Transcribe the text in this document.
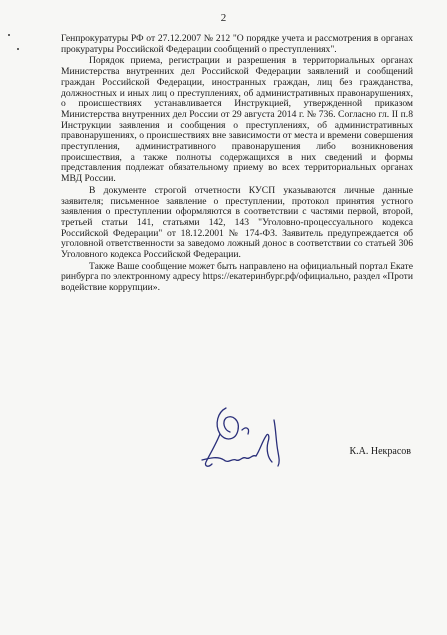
2

Генпрокуратуры РФ от 27.12.2007 № 212 "О порядке учета и рассмотрения в органах прокуратуры Российской Федерации сообщений о преступлениях".

Порядок приема, регистрации и разрешения в территориальных органах Министерства внутренних дел Российской Федерации заявлений и сообщений граждан Российской Федерации, иностранных граждан, лиц без гражданства, должностных и иных лиц о преступлениях, об административных правонарушениях, о происшествиях устанавливается Инструкцией, утвержденной приказом Министерства внутренних дел России от 29 августа 2014 г. № 736. Согласно гл. II п.8 Инструкции заявления и сообщения о преступлениях, об административных правонарушениях, о происшествиях вне зависимости от места и времени совершения преступления, административного правонарушения либо возникновения происшествия, а также полноты содержащихся в них сведений и формы представления подлежат обязательному приему во всех территориальных органах МВД России.

В документе строгой отчетности КУСП указываются личные данные заявителя; письменное заявление о преступлении, протокол принятия устного заявления о преступлении оформляются в соответствии с частями первой, второй, третьей статьи 141, статьями 142, 143 "Уголовно-процессуального кодекса Российской Федерации" от 18.12.2001 № 174-ФЗ. Заявитель предупреждается об уголовной ответственности за заведомо ложный донос в соответствии со статьей 306 Уголовного кодекса Российской Федерации.

Также Ваше сообщение может быть направлено на официальный портал Екатеринбурга по электронному адресу https://екатеринбург.рф/официально, раздел «Противодействие коррупции».

К.А. Некрасов
